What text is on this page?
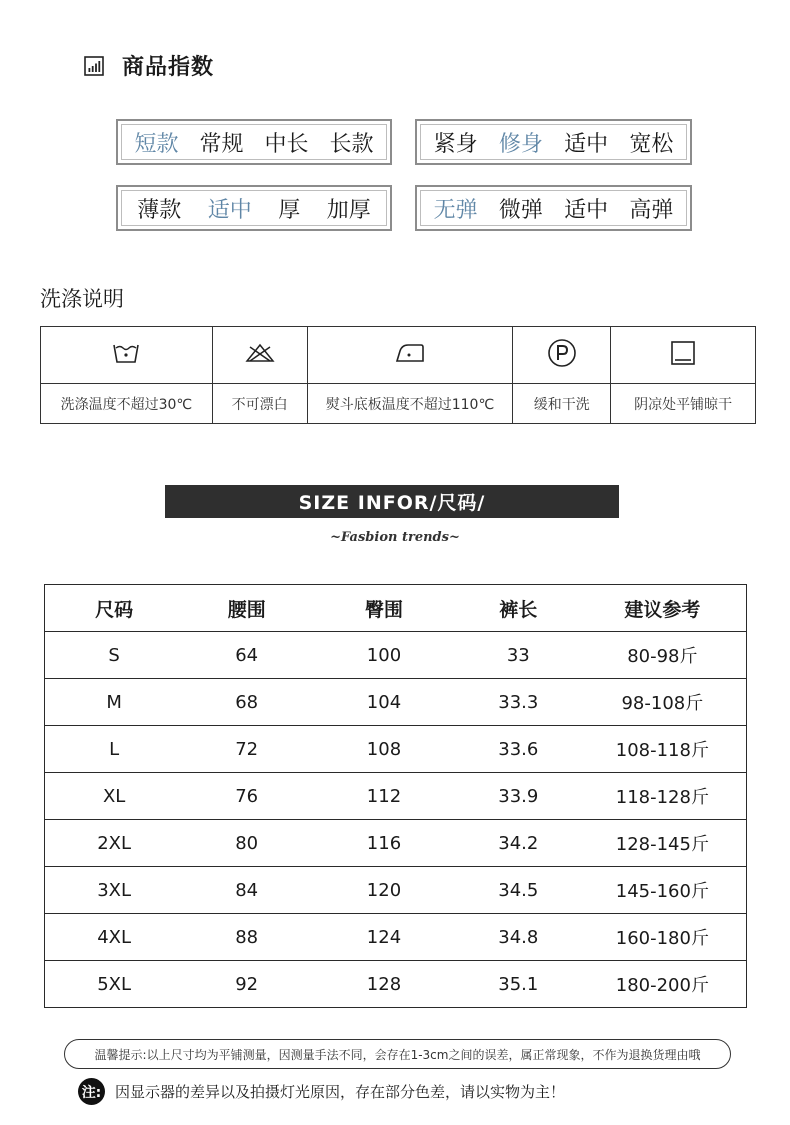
商品指数
短款 常规 中长 长款	紧身 修身 适中 宽松
薄款 适中 厚 加厚	无弹 微弹 适中 高弹
洗涤说明

洗涤温度不超过30℃	不可漂白	熨斗底板温度不超过110℃	缓和干洗	阴凉处平铺晾干
SIZE INFOR/尺码/
~Fasbion trends~
尺码	腰围	臀围	裤长	建议参考
S	64	100	33	80-98斤
M	68	104	33.3	98-108斤
L	72	108	33.6	108-118斤
XL	76	112	33.9	118-128斤
2XL	80	116	34.2	128-145斤
3XL	84	120	34.5	145-160斤
4XL	88	124	34.8	160-180斤
5XL	92	128	35.1	180-200斤
温馨提示:以上尺寸均为平铺测量，因测量手法不同，会存在1-3cm之间的误差，属正常现象，不作为退换货理由哦
注: 因显示器的差异以及拍摄灯光原因，存在部分色差，请以实物为主！
